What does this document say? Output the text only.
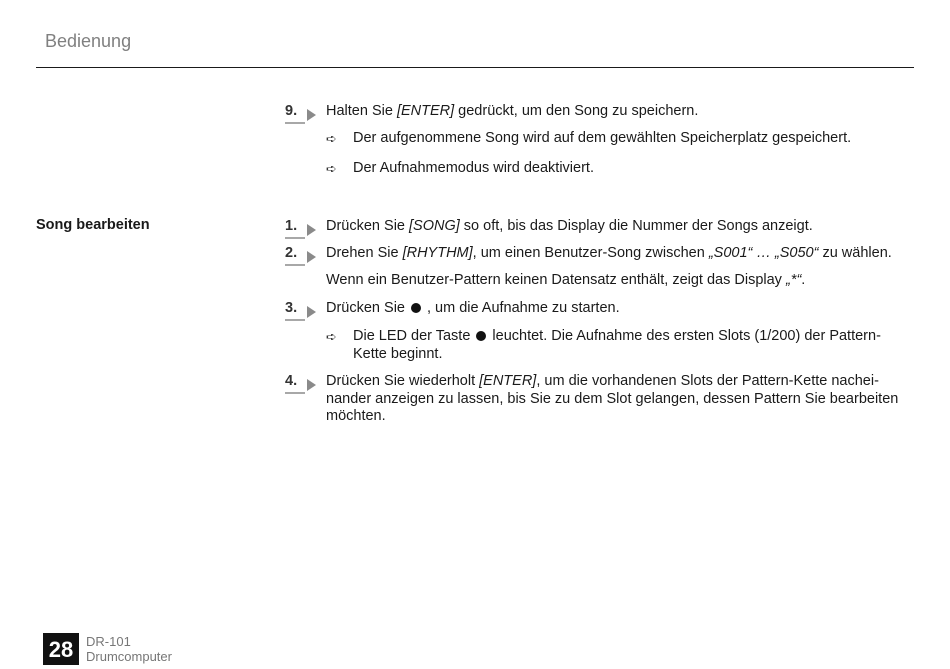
Bedienung
9.	Halten Sie [ENTER] gedrückt, um den Song zu speichern.
➪	Der aufgenommene Song wird auf dem gewählten Speicherplatz gespeichert.
➪	Der Aufnahmemodus wird deaktiviert.
Song bearbeiten	1.	Drücken Sie [SONG] so oft, bis das Display die Nummer der Songs anzeigt.
2.	Drehen Sie [RHYTHM], um einen Benutzer-Song zwischen „S001“ … „S050“ zu wählen.
Wenn ein Benutzer-Pattern keinen Datensatz enthält, zeigt das Display „*“.
3.	Drücken Sie , um die Aufnahme zu starten.
➪	Die LED der Taste leuchtet. Die Aufnahme des ersten Slots (1/200) der Pattern-Kette beginnt.
4.	Drücken Sie wiederholt [ENTER], um die vorhandenen Slots der Pattern-Kette nacheinander anzeigen zu lassen, bis Sie zu dem Slot gelangen, dessen Pattern Sie bearbeiten möchten.
28 DR-101
Drumcomputer
